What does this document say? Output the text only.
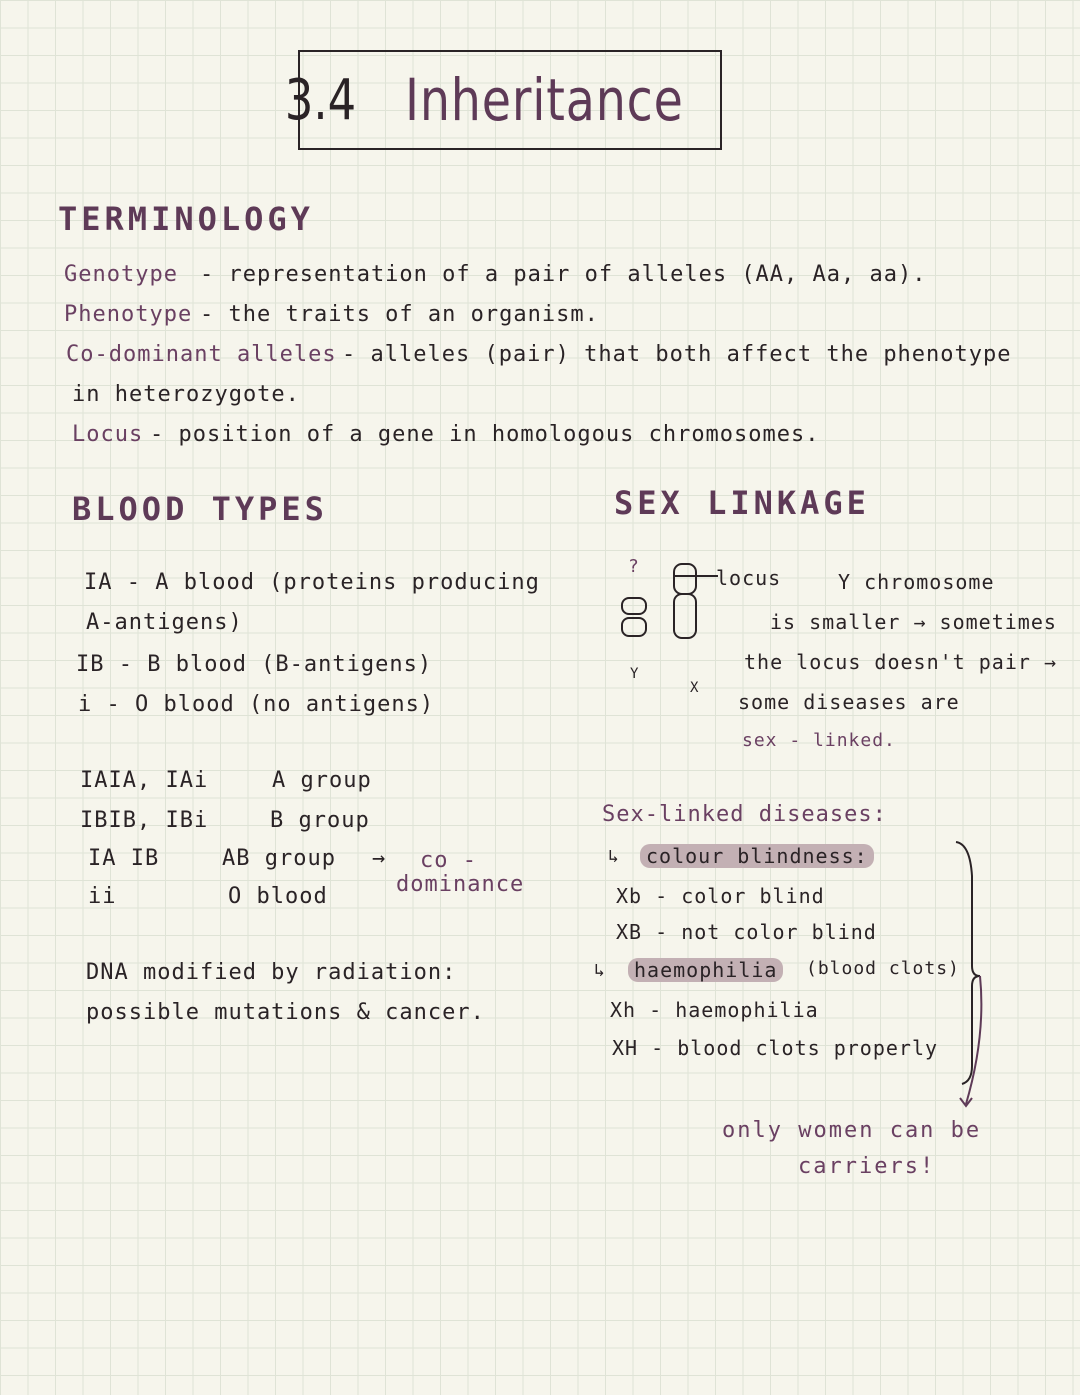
3.4 Inheritance
TERMINOLOGY
Genotype - representation of a pair of alleles (AA, Aa, aa).
Phenotype - the traits of an organism.
Co-dominant alleles - alleles (pair) that both affect the phenotype
in heterozygote.
Locus - position of a gene in homologous chromosomes.
BLOOD TYPES
IA - A blood (proteins producing
A-antigens)
IB - B blood (B-antigens)
i - O blood (no antigens)
IAIA, IAi	A group
IBIB, IBi	B group
IA IB	AB group → co -
dominance
ii	O blood
DNA modified by radiation:
possible mutations & cancer.
SEX LINKAGE
?
Y
X
locus	Y chromosome
is smaller → sometimes
the locus doesn't pair →
some diseases are
sex - linked.
Sex-linked diseases:
↳	colour blindness:
Xb - color blind
XB - not color blind
↳	haemophilia	(blood clots)
Xh - haemophilia
XH - blood clots properly
only women can be
carriers!
